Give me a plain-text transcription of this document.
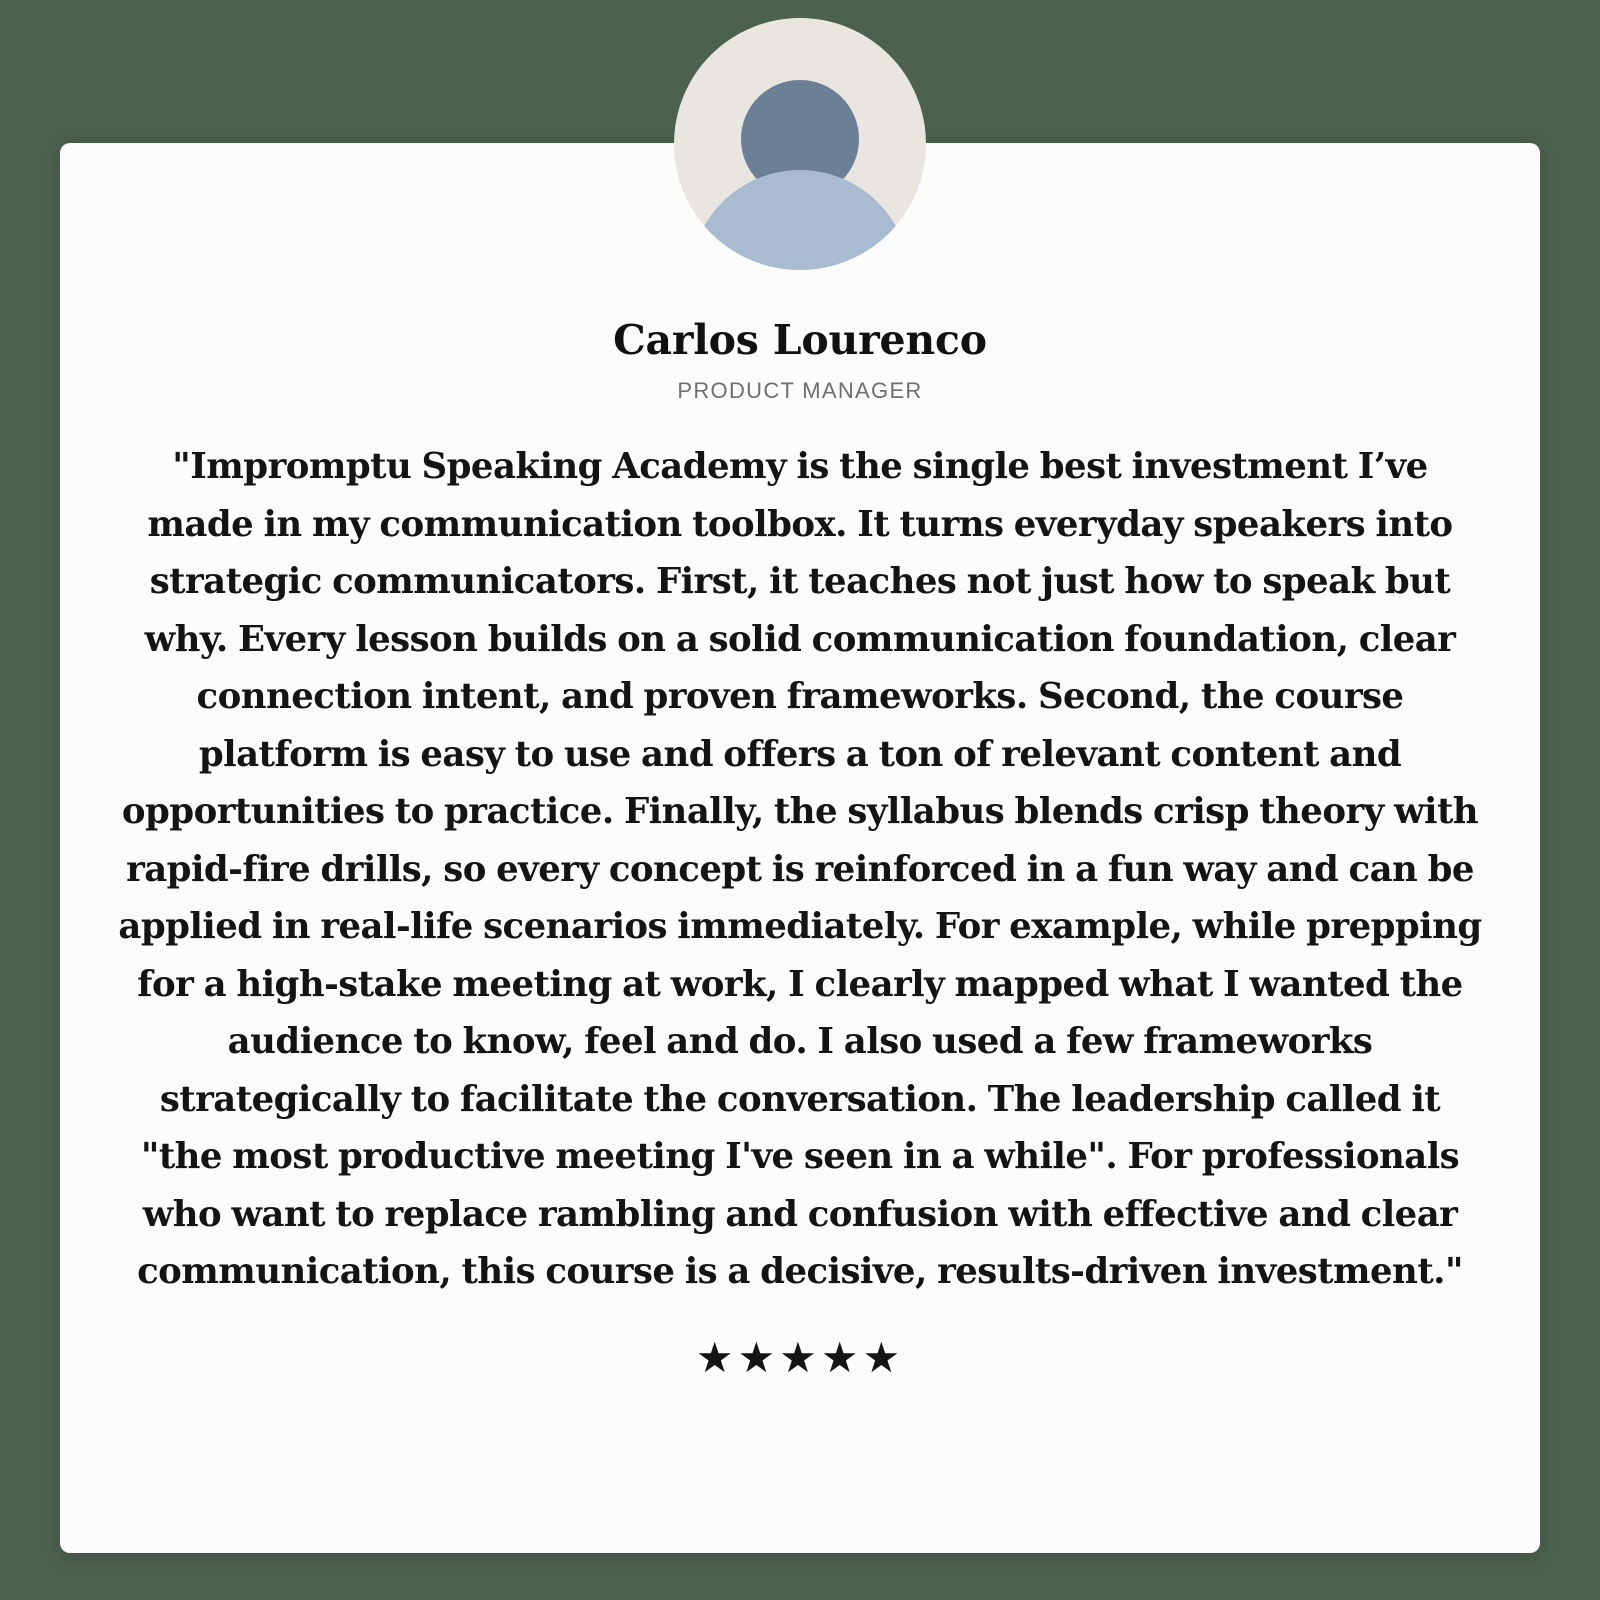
Carlos Lourenco
PRODUCT MANAGER
"Impromptu Speaking Academy is the single best investment I’ve made in my communication toolbox. It turns everyday speakers into strategic communicators. First, it teaches not just how to speak but why. Every lesson builds on a solid communication foundation, clear connection intent, and proven frameworks. Second, the course platform is easy to use and offers a ton of relevant content and opportunities to practice. Finally, the syllabus blends crisp theory with rapid-fire drills, so every concept is reinforced in a fun way and can be applied in real-life scenarios immediately. For example, while prepping for a high-stake meeting at work, I clearly mapped what I wanted the audience to know, feel and do. I also used a few frameworks strategically to facilitate the conversation. The leadership called it "the most productive meeting I've seen in a while". For professionals who want to replace rambling and confusion with effective and clear communication, this course is a decisive, results-driven investment."
★★★★★
